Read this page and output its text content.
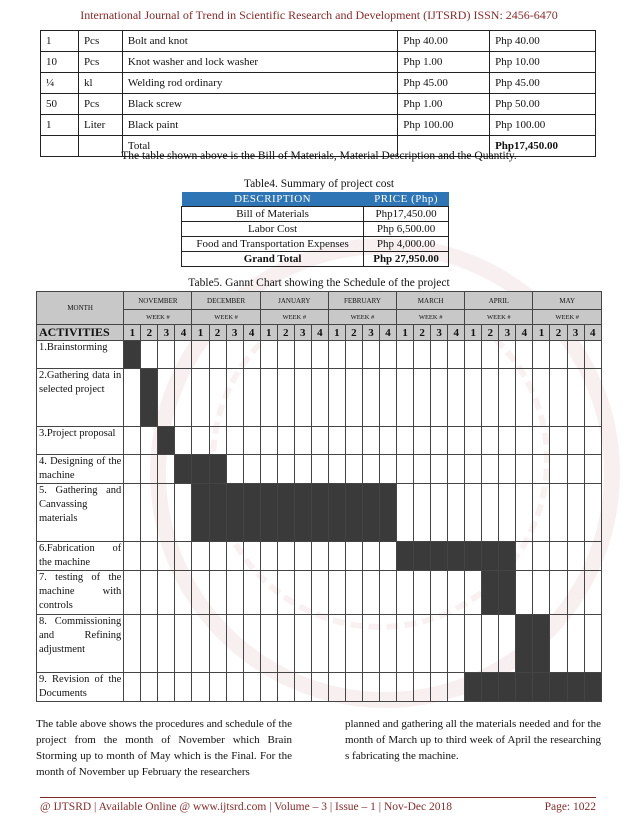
International Journal of Trend in Scientific Research and Development (IJTSRD) ISSN: 2456-6470
1	Pcs	Bolt and knot	Php 40.00	Php 40.00
10	Pcs	Knot washer and lock washer	Php 1.00	Php 10.00
¼	kl	Welding rod ordinary	Php 45.00	Php 45.00
50	Pcs	Black screw	Php 1.00	Php 50.00
1	Liter	Black paint	Php 100.00	Php 100.00
		Total		Php17,450.00
The table shown above is the Bill of Materials, Material Description and the Quantity.
Table4. Summary of project cost
DESCRIPTION	PRICE (Php)
Bill of Materials	Php17,450.00
Labor Cost	Php 6,500.00
Food and Transportation Expenses	Php 4,000.00
Grand Total	Php 27,950.00
Table5. Gannt Chart showing the Schedule of the project
MONTH	NOVEMBER				DECEMBER				JANUARY				FEBRUARY				MARCH				APRIL				MAY			
	WEEK #				WEEK #				WEEK #				WEEK #				WEEK #				WEEK #				WEEK #			
ACTIVITIES	1	2	3	4	1	2	3	4	1	2	3	4	1	2	3	4	1	2	3	4	1	2	3	4	1	2	3	4
1.Brainstorming																												
2.Gathering data in selected project																												
3.Project proposal																												
4. Designing of the machine																												
5. Gathering and Canvassing materials																												
6.Fabrication of the machine																												
7. testing of the machine with controls																												
8. Commissioning and Refining adjustment																												
9. Revision of the Documents																												
The table above shows the procedures and schedule of the project from the month of November which Brain Storming up to month of May which is the Final. For the month of November up February the researchers
planned and gathering all the materials needed and for the month of March up to third week of April the researching s fabricating the machine.
@ IJTSRD | Available Online @ www.ijtsrd.com | Volume – 3 | Issue – 1 | Nov-Dec 2018	Page: 1022
